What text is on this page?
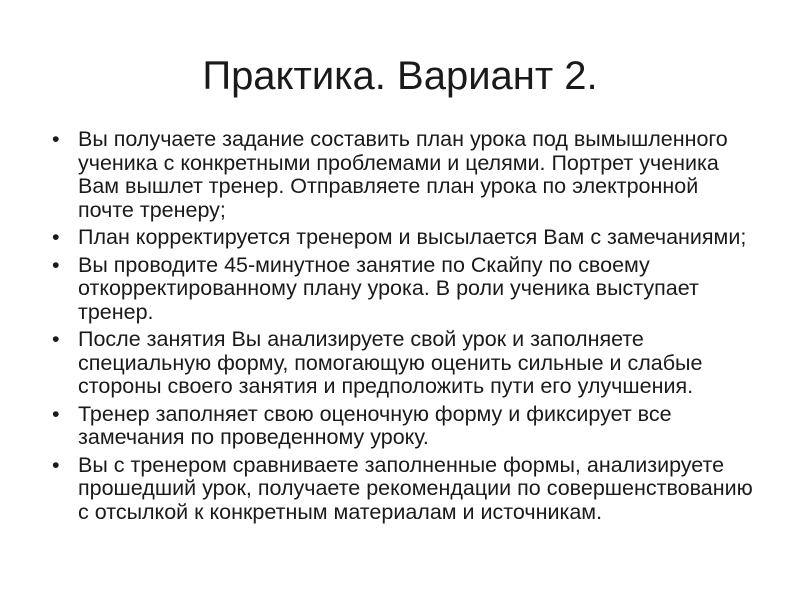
Практика. Вариант 2.
• Вы получаете задание составить план урока под вымышленного ученика с конкретными проблемами и целями. Портрет ученика Вам вышлет тренер. Отправляете план урока по электронной почте тренеру;
• План корректируется тренером и высылается Вам с замечаниями;
• Вы проводите 45-минутное занятие по Скайпу по своему откорректированному плану урока. В роли ученика выступает тренер.
• После занятия Вы анализируете свой урок и заполняете специальную форму, помогающую оценить сильные и слабые стороны своего занятия и предположить пути его улучшения.
• Тренер заполняет свою оценочную форму и фиксирует все замечания по проведенному уроку.
• Вы с тренером сравниваете заполненные формы, анализируете прошедший урок, получаете рекомендации по совершенствованию с отсылкой к конкретным материалам и источникам.
